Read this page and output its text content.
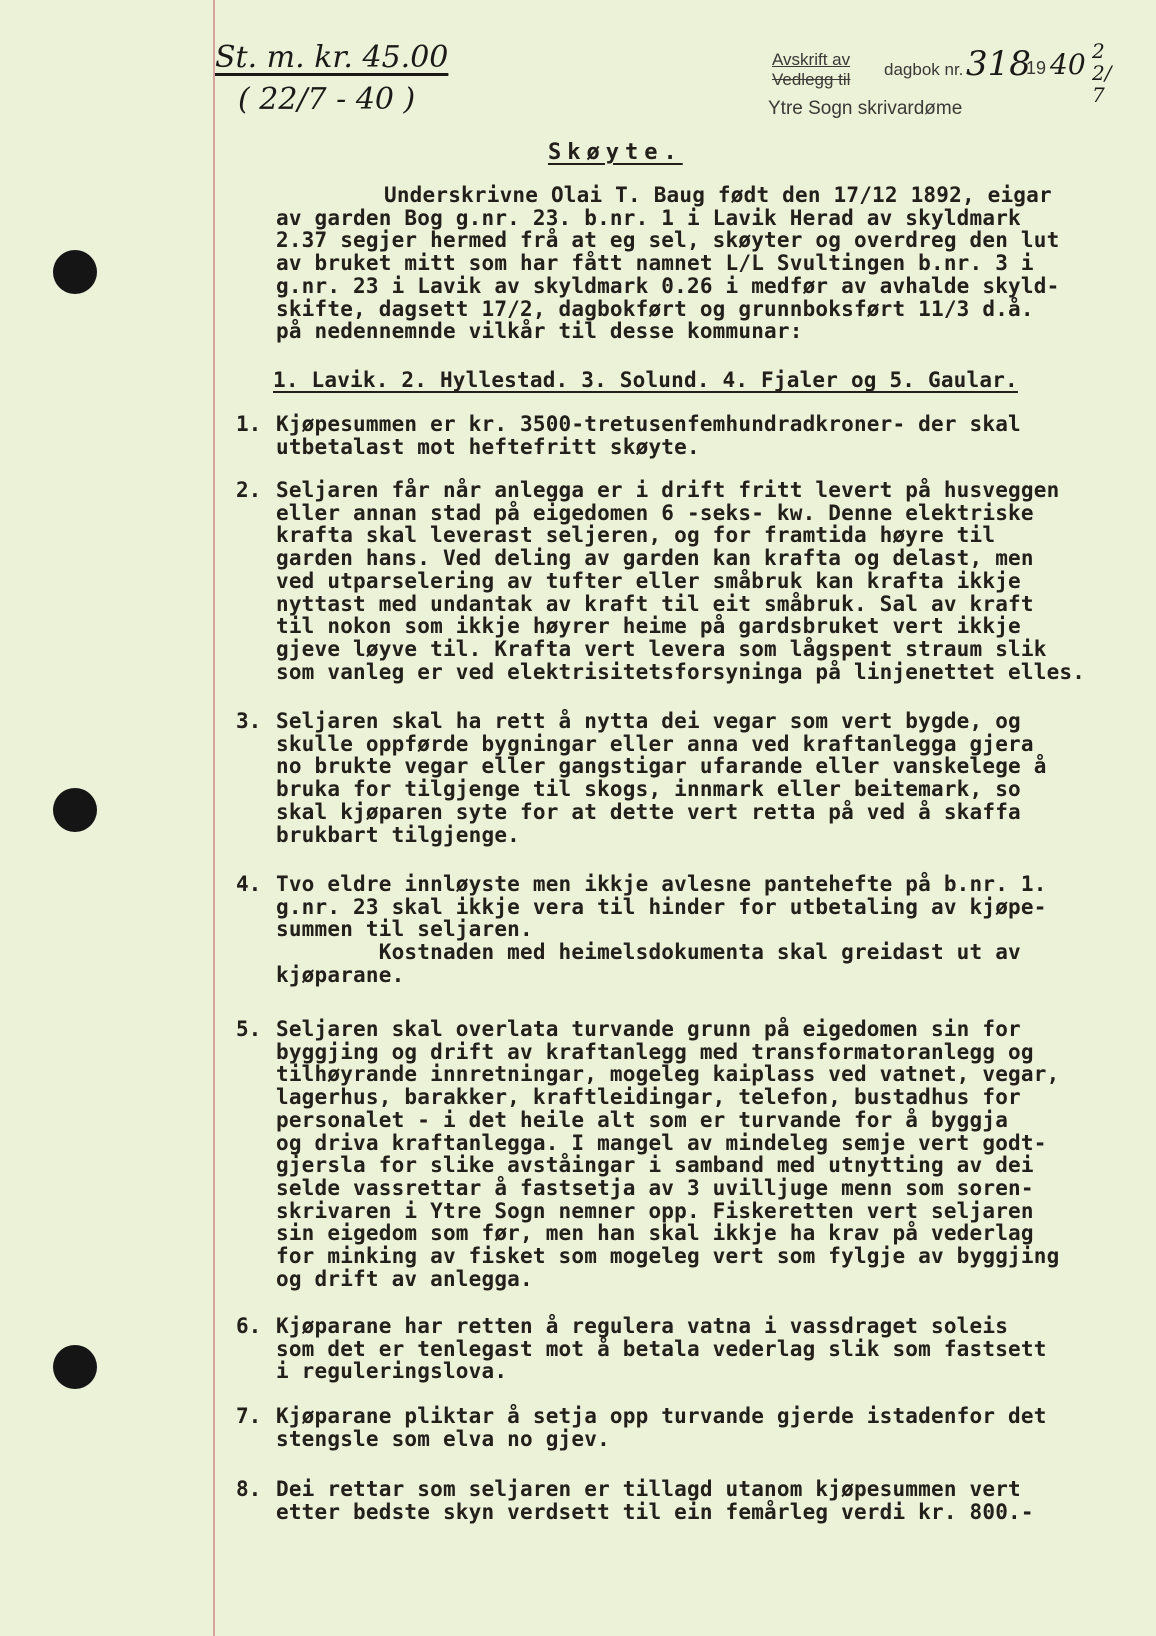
St. m. kr. 45.00
( 22/7 - 40 )
Avskrift av
Vedlegg til
dagbok nr. 318
19 40 22/7
Ytre Sogn skrivardøme
Skøyte.
Underskrivne Olai T. Baug født den 17/12 1892, eigar
av garden Bog g.nr. 23. b.nr. 1 i Lavik Herad av skyldmark
2.37 segjer hermed frå at eg sel, skøyter og overdreg den lut
av bruket mitt som har fått namnet L/L Svultingen b.nr. 3 i
g.nr. 23 i Lavik av skyldmark 0.26 i medfør av avhalde skyld-
skifte, dagsett 17/2, dagbokført og grunnboksført 11/3 d.å.
på nedennemnde vilkår til desse kommunar:
1. Lavik. 2. Hyllestad. 3. Solund. 4. Fjaler og 5. Gaular.
1. Kjøpesummen er kr. 3500-tretusenfemhundradkroner- der skal
utbetalast mot heftefritt skøyte.
2. Seljaren får når anlegga er i drift fritt levert på husveggen
eller annan stad på eigedomen 6 -seks- kw. Denne elektriske
krafta skal leverast seljeren, og for framtida høyre til
garden hans. Ved deling av garden kan krafta og delast, men
ved utparselering av tufter eller småbruk kan krafta ikkje
nyttast med undantak av kraft til eit småbruk. Sal av kraft
til nokon som ikkje høyrer heime på gardsbruket vert ikkje
gjeve løyve til. Krafta vert levera som lågspent straum slik
som vanleg er ved elektrisitetsforsyninga på linjenettet elles.
3. Seljaren skal ha rett å nytta dei vegar som vert bygde, og
skulle oppførde bygningar eller anna ved kraftanlegga gjera
no brukte vegar eller gangstigar ufarande eller vanskelege å
bruka for tilgjenge til skogs, innmark eller beitemark, so
skal kjøparen syte for at dette vert retta på ved å skaffa
brukbart tilgjenge.
4. Tvo eldre innløyste men ikkje avlesne pantehefte på b.nr. 1.
g.nr. 23 skal ikkje vera til hinder for utbetaling av kjøpe-
summen til seljaren.
Kostnaden med heimelsdokumenta skal greidast ut av
kjøparane.
5. Seljaren skal overlata turvande grunn på eigedomen sin for
byggjing og drift av kraftanlegg med transformatoranlegg og
tilhøyrande innretningar, mogeleg kaiplass ved vatnet, vegar,
lagerhus, barakker, kraftleidingar, telefon, bustadhus for
personalet - i det heile alt som er turvande for å byggja
og driva kraftanlegga. I mangel av mindeleg semje vert godt-
gjersla for slike avståingar i samband med utnytting av dei
selde vassrettar å fastsetja av 3 uvilljuge menn som soren-
skrivaren i Ytre Sogn nemner opp. Fiskeretten vert seljaren
sin eigedom som før, men han skal ikkje ha krav på vederlag
for minking av fisket som mogeleg vert som fylgje av byggjing
og drift av anlegga.
6. Kjøparane har retten å regulera vatna i vassdraget soleis
som det er tenlegast mot å betala vederlag slik som fastsett
i reguleringslova.
7. Kjøparane pliktar å setja opp turvande gjerde istadenfor det
stengsle som elva no gjev.
8. Dei rettar som seljaren er tillagd utanom kjøpesummen vert
etter bedste skyn verdsett til ein femårleg verdi kr. 800.-
